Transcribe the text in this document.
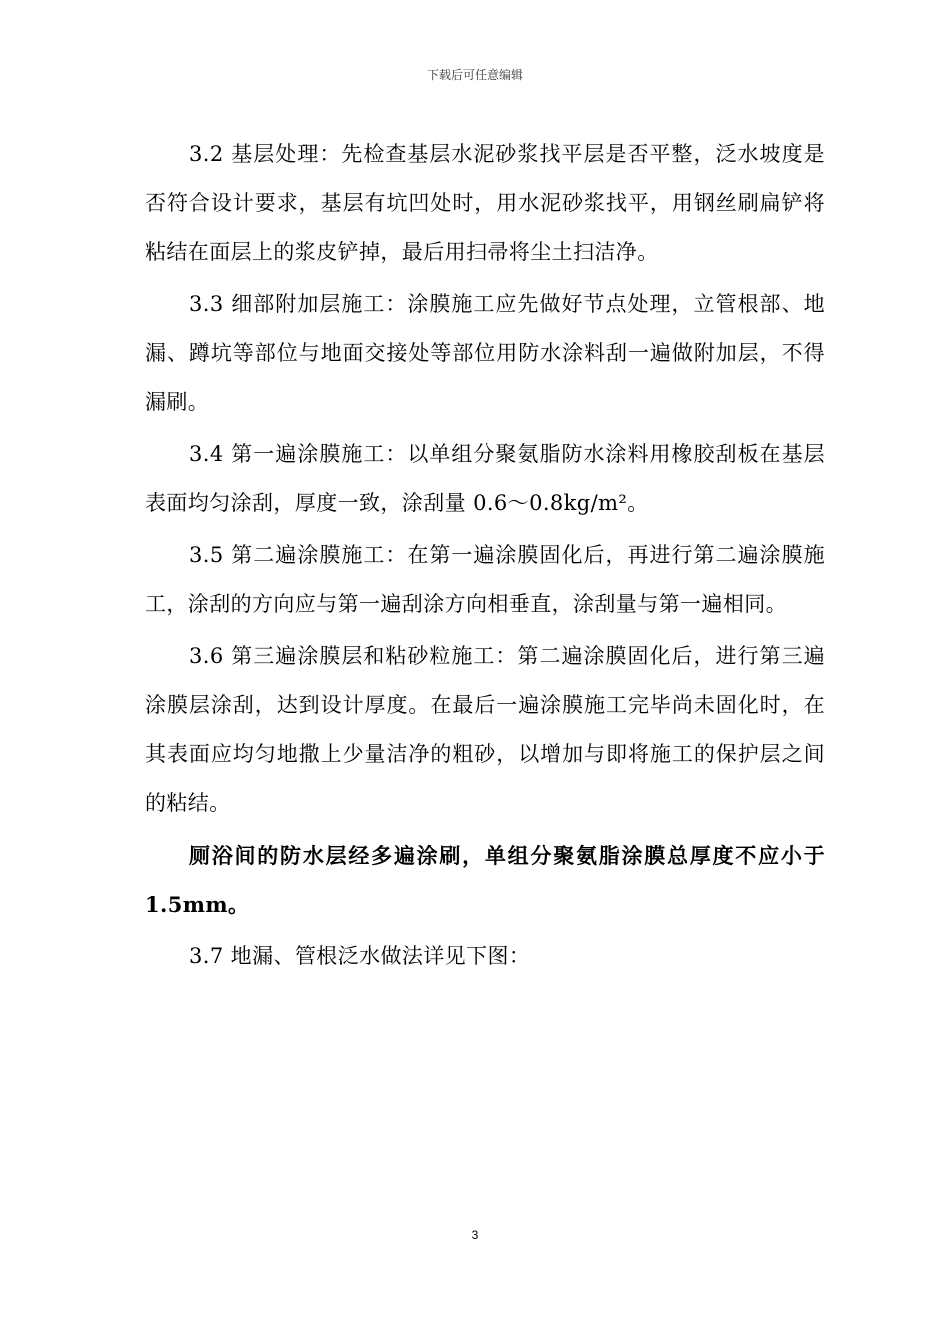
下载后可任意编辑

3.2 基层处理：先检查基层水泥砂浆找平层是否平整，泛水坡度是否符合设计要求，基层有坑凹处时，用水泥砂浆找平，用钢丝刷扁铲将粘结在面层上的浆皮铲掉，最后用扫帚将尘土扫洁净。

3.3 细部附加层施工：涂膜施工应先做好节点处理，立管根部、地漏、蹲坑等部位与地面交接处等部位用防水涂料刮一遍做附加层，不得漏刷。

3.4 第一遍涂膜施工：以单组分聚氨脂防水涂料用橡胶刮板在基层表面均匀涂刮，厚度一致，涂刮量 0.6～0.8kg/m²。

3.5 第二遍涂膜施工：在第一遍涂膜固化后，再进行第二遍涂膜施工，涂刮的方向应与第一遍刮涂方向相垂直，涂刮量与第一遍相同。

3.6 第三遍涂膜层和粘砂粒施工：第二遍涂膜固化后，进行第三遍涂膜层涂刮，达到设计厚度。在最后一遍涂膜施工完毕尚未固化时，在其表面应均匀地撒上少量洁净的粗砂，以增加与即将施工的保护层之间的粘结。

厕浴间的防水层经多遍涂刷，单组分聚氨脂涂膜总厚度不应小于 1.5mm。

3.7 地漏、管根泛水做法详见下图：

3
